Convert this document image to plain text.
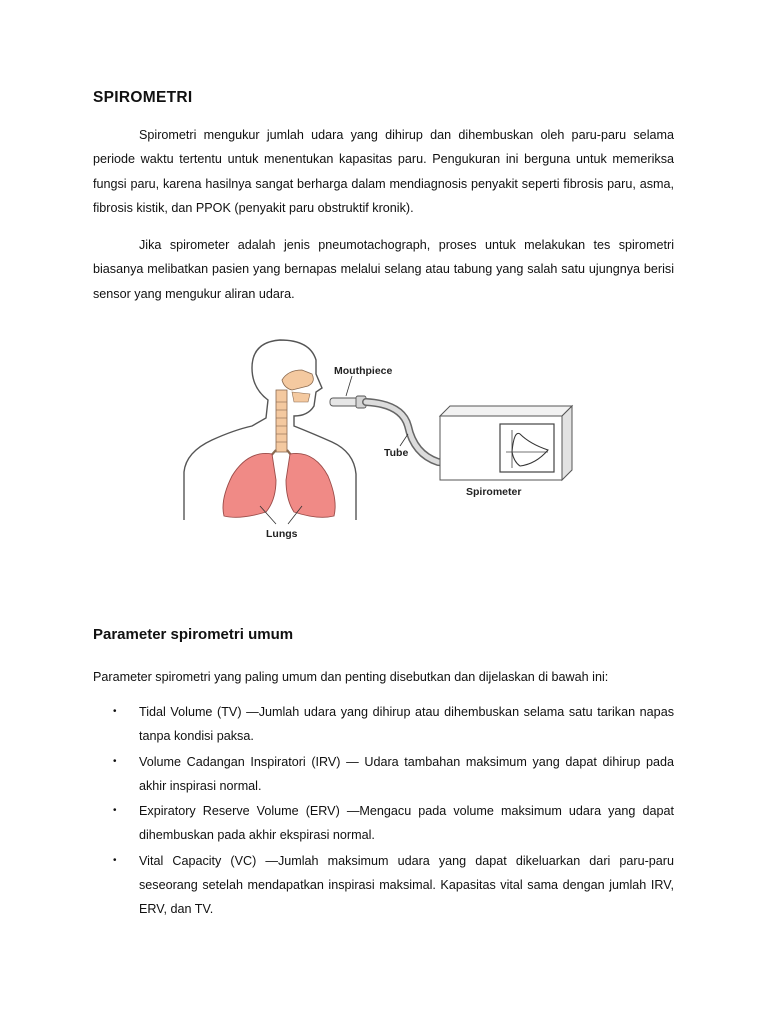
SPIROMETRI

Spirometri mengukur jumlah udara yang dihirup dan dihembuskan oleh paru-paru selama periode waktu tertentu untuk menentukan kapasitas paru. Pengukuran ini berguna untuk memeriksa fungsi paru, karena hasilnya sangat berharga dalam mendiagnosis penyakit seperti fibrosis paru, asma, fibrosis kistik, dan PPOK (penyakit paru obstruktif kronik).

Jika spirometer adalah jenis pneumotachograph, proses untuk melakukan tes spirometri biasanya melibatkan pasien yang bernapas melalui selang atau tabung yang salah satu ujungnya berisi sensor yang mengukur aliran udara.

Mouthpiece
Tube
Spirometer
Lungs
Parameter spirometri umum

Parameter spirometri yang paling umum dan penting disebutkan dan dijelaskan di bawah ini:

• Tidal Volume (TV) —Jumlah udara yang dihirup atau dihembuskan selama satu tarikan napas tanpa kondisi paksa.
• Volume Cadangan Inspiratori (IRV) — Udara tambahan maksimum yang dapat dihirup pada akhir inspirasi normal.
• Expiratory Reserve Volume (ERV) —Mengacu pada volume maksimum udara yang dapat dihembuskan pada akhir ekspirasi normal.
• Vital Capacity (VC) —Jumlah maksimum udara yang dapat dikeluarkan dari paru-paru seseorang setelah mendapatkan inspirasi maksimal. Kapasitas vital sama dengan jumlah IRV, ERV, dan TV.
